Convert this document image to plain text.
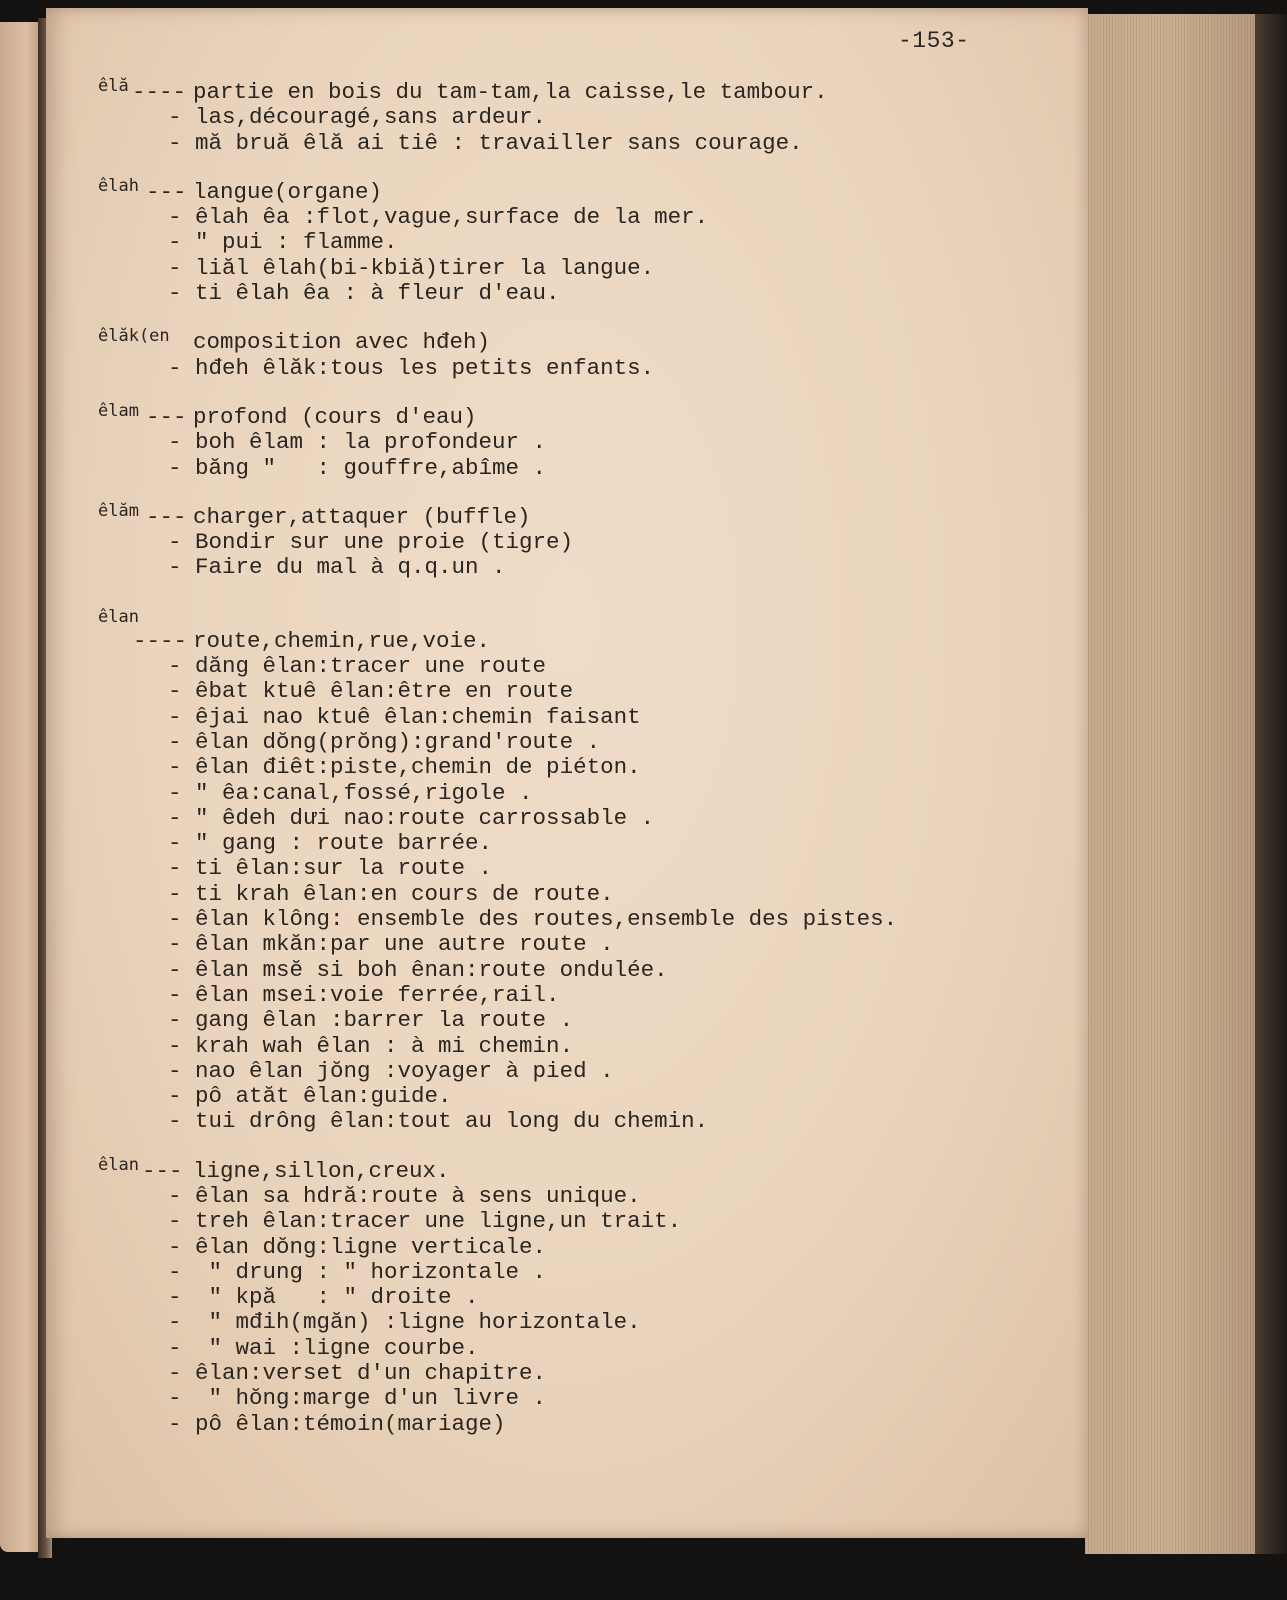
-153-

êlă

----

partie en bois du tam-tam,la caisse,le tambour.

- las,découragé,sans ardeur.
- mă bruă êlă ai tiê : travailler sans courage.

êlah

---

langue(organe)

- êlah êa :flot,vague,surface de la mer.
- " pui : flamme.
- liăl êlah(bi-kbiă)tirer la langue.
- ti êlah êa : à fleur d'eau.

êlăk(en

composition avec hđeh)

- hđeh êlăk:tous les petits enfants.

êlam

---

profond (cours d'eau)

- boh êlam : la profondeur .
- băng "   : gouffre,abîme .

êlăm

---

charger,attaquer (buffle)

- Bondir sur une proie (tigre)
- Faire du mal à q.q.un .

êlan

----

route,chemin,rue,voie.

- dăng êlan:tracer une route
- êbat ktuê êlan:être en route
- êjai nao ktuê êlan:chemin faisant
- êlan dŏng(prŏng):grand'route .
- êlan điêt:piste,chemin de piéton.
- " êa:canal,fossé,rigole .
- " êdeh dưi nao:route carrossable .
- " gang : route barrée.
- ti êlan:sur la route .
- ti krah êlan:en cours de route.
- êlan klông: ensemble des routes,ensemble des pistes.
- êlan mkăn:par une autre route .
- êlan msĕ si boh ênan:route ondulée.
- êlan msei:voie ferrée,rail.
- gang êlan :barrer la route .
- krah wah êlan : à mi chemin.
- nao êlan jŏng :voyager à pied .
- pô atăt êlan:guide.
- tui drông êlan:tout au long du chemin.

êlan

---

ligne,sillon,creux.

- êlan sa hdră:route à sens unique.
- treh êlan:tracer une ligne,un trait.
- êlan dŏng:ligne verticale.
-  " drung : " horizontale .
-  " kpă   : " droite .
-  " mđih(mgăn) :ligne horizontale.
-  " wai :ligne courbe.
- êlan:verset d'un chapitre.
-  " hŏng:marge d'un livre .
- pô êlan:témoin(mariage)
